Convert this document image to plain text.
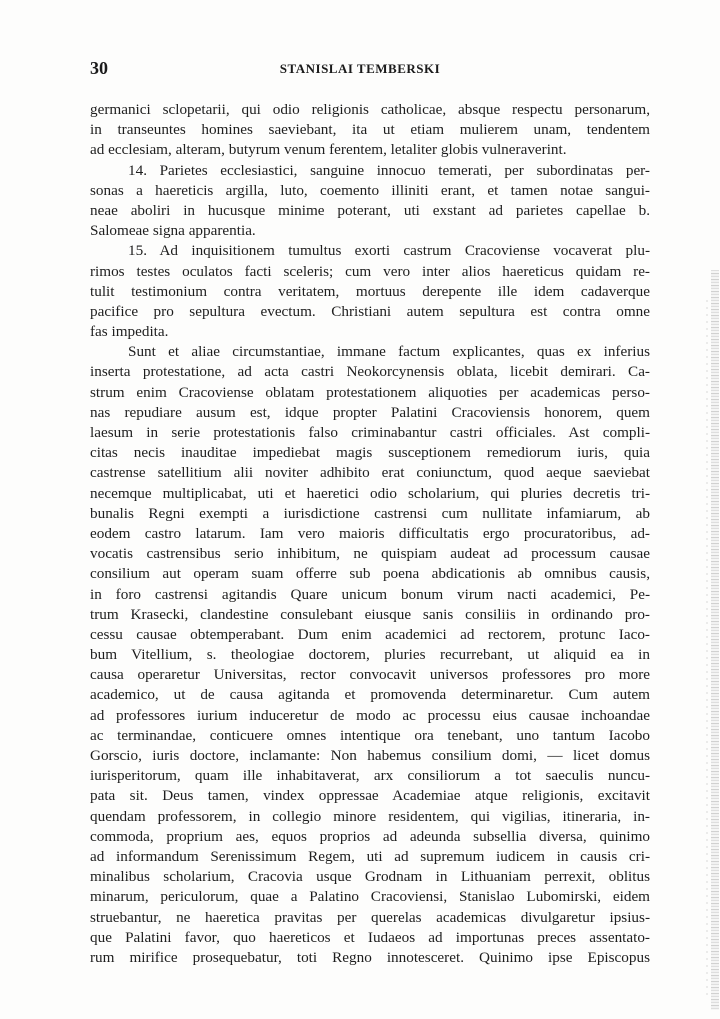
30	STANISLAI TEMBERSKI
germanici sclopetarii, qui odio religionis catholicae, absque respectu personarum,
in transeuntes homines saeviebant, ita ut etiam mulierem unam, tendentem
ad ecclesiam, alteram, butyrum venum ferentem, letaliter globis vulneraverint.
14. Parietes ecclesiastici, sanguine innocuo temerati, per subordinatas per-
sonas a haereticis argilla, luto, coemento illiniti erant, et tamen notae sangui-
neae aboliri in hucusque minime poterant, uti exstant ad parietes capellae b.
Salomeae signa apparentia.
15. Ad inquisitionem tumultus exorti castrum Cracoviense vocaverat plu-
rimos testes oculatos facti sceleris; cum vero inter alios haereticus quidam re-
tulit testimonium contra veritatem, mortuus derepente ille idem cadaverque
pacifice pro sepultura evectum. Christiani autem sepultura est contra omne
fas impedita.
Sunt et aliae circumstantiae, immane factum explicantes, quas ex inferius
inserta protestatione, ad acta castri Neokorcynensis oblata, licebit demirari. Ca-
strum enim Cracoviense oblatam protestationem aliquoties per academicas perso-
nas repudiare ausum est, idque propter Palatini Cracoviensis honorem, quem
laesum in serie protestationis falso criminabantur castri officiales. Ast compli-
citas necis inauditae impediebat magis susceptionem remediorum iuris, quia
castrense satellitium alii noviter adhibito erat coniunctum, quod aeque saeviebat
necemque multiplicabat, uti et haeretici odio scholarium, qui pluries decretis tri-
bunalis Regni exempti a iurisdictione castrensi cum nullitate infamiarum, ab
eodem castro latarum. Iam vero maioris difficultatis ergo procuratoribus, ad-
vocatis castrensibus serio inhibitum, ne quispiam audeat ad processum causae
consilium aut operam suam offerre sub poena abdicationis ab omnibus causis,
in foro castrensi agitandis Quare unicum bonum virum nacti academici, Pe-
trum Krasecki, clandestine consulebant eiusque sanis consiliis in ordinando pro-
cessu causae obtemperabant. Dum enim academici ad rectorem, protunc Iaco-
bum Vitellium, s. theologiae doctorem, pluries recurrebant, ut aliquid ea in
causa operaretur Universitas, rector convocavit universos professores pro more
academico, ut de causa agitanda et promovenda determinaretur. Cum autem
ad professores iurium induceretur de modo ac processu eius causae inchoandae
ac terminandae, conticuere omnes intentique ora tenebant, uno tantum Iacobo
Gorscio, iuris doctore, inclamante: Non habemus consilium domi, — licet domus
iurisperitorum, quam ille inhabitaverat, arx consiliorum a tot saeculis nuncu-
pata sit. Deus tamen, vindex oppressae Academiae atque religionis, excitavit
quendam professorem, in collegio minore residentem, qui vigilias, itineraria, in-
commoda, proprium aes, equos proprios ad adeunda subsellia diversa, quinimo
ad informandum Serenissimum Regem, uti ad supremum iudicem in causis cri-
minalibus scholarium, Cracovia usque Grodnam in Lithuaniam perrexit, oblitus
minarum, periculorum, quae a Palatino Cracoviensi, Stanislao Lubomirski, eidem
struebantur, ne haeretica pravitas per querelas academicas divulgaretur ipsius-
que Palatini favor, quo haereticos et Iudaeos ad importunas preces assentato-
rum mirifice prosequebatur, toti Regno innotesceret. Quinimo ipse Episcopus
